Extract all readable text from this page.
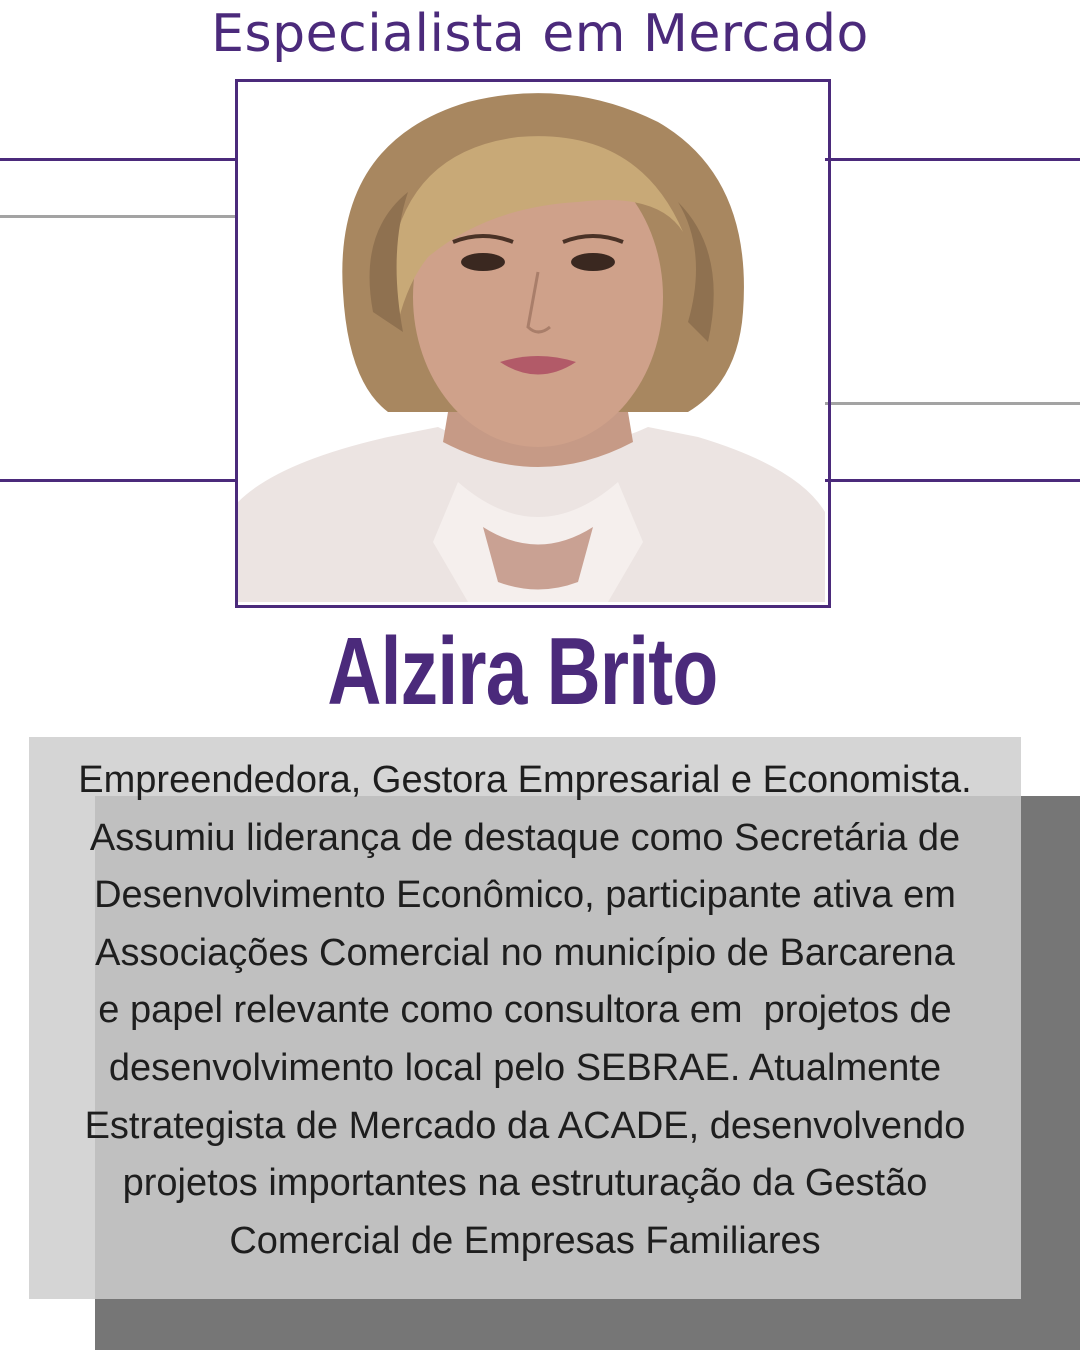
Especialista em Mercado
Alzira Brito
Empreendedora, Gestora Empresarial e Economista.
Assumiu liderança de destaque como Secretária de
Desenvolvimento Econômico, participante ativa em
Associações Comercial no município de Barcarena
e papel relevante como consultora em  projetos de
desenvolvimento local pelo SEBRAE. Atualmente
Estrategista de Mercado da ACADE, desenvolvendo
projetos importantes na estruturação da Gestão
Comercial de Empresas Familiares
